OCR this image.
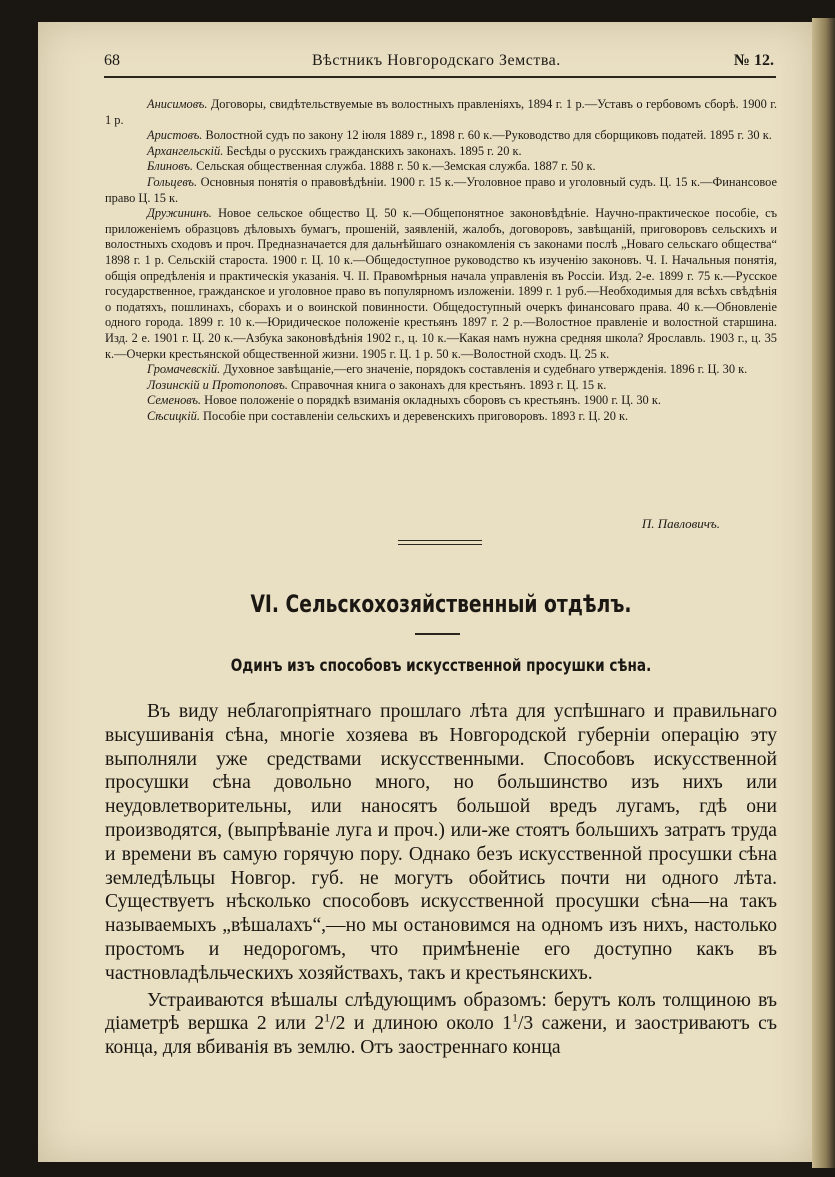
68	Вѣстникъ Новгородскаго Земства.	№ 12.

Анисимовъ. Договоры, свидѣтельствуемые въ волостныхъ правленіяхъ, 1894 г. 1 р.—Уставъ о гербовомъ сборѣ. 1900 г. 1 р.

Аристовъ. Волостной судъ по закону 12 іюля 1889 г., 1898 г. 60 к.—Руководство для сборщиковъ податей. 1895 г. 30 к.

Архангельскій. Бесѣды о русскихъ гражданскихъ законахъ. 1895 г. 20 к.

Блиновъ. Сельская общественная служба. 1888 г. 50 к.—Земская служба. 1887 г. 50 к.

Гольцевъ. Основныя понятія о правовѣдѣніи. 1900 г. 15 к.—Уголовное право и уголовный судъ. Ц. 15 к.—Финансовое право Ц. 15 к.

Дружининъ. Новое сельское общество Ц. 50 к.—Общепонятное законовѣдѣніе. Научно-практическое пособіе, съ приложеніемъ образцовъ дѣловыхъ бумагъ, прошеній, заявленій, жалобъ, договоровъ, завѣщаній, приговоровъ сельскихъ и волостныхъ сходовъ и проч. Предназначается для дальнѣйшаго ознакомленія съ законами послѣ „Новаго сельскаго общества“ 1898 г. 1 р. Сельскій староста. 1900 г. Ц. 10 к.—Общедоступное руководство къ изученію законовъ. Ч. I. Начальныя понятія, общія опредѣленія и практическія указанія. Ч. II. Правомѣрныя начала управленія въ Россіи. Изд. 2-е. 1899 г. 75 к.—Русское государственное, гражданское и уголовное право въ популярномъ изложеніи. 1899 г. 1 руб.—Необходимыя для всѣхъ свѣдѣнія о податяхъ, пошлинахъ, сборахъ и о воинской повинности. Общедоступный очеркъ финансоваго права. 40 к.—Обновленіе одного города. 1899 г. 10 к.—Юридическое положеніе крестьянъ 1897 г. 2 р.—Волостное правленіе и волостной старшина. Изд. 2 е. 1901 г. Ц. 20 к.—Азбука законовѣдѣнія 1902 г., ц. 10 к.—Какая намъ нужна средняя школа? Ярославль. 1903 г., ц. 35 к.—Очерки крестьянской общественной жизни. 1905 г. Ц. 1 р. 50 к.—Волостной сходъ. Ц. 25 к.

Громачевскій. Духовное завѣщаніе,—его значеніе, порядокъ составленія и судебнаго утвержденія. 1896 г. Ц. 30 к.

Лозинскій и Протопоповъ. Справочная книга о законахъ для крестьянъ. 1893 г. Ц. 15 к.

Семеновъ. Новое положеніе о порядкѣ взиманія окладныхъ сборовъ съ крестьянъ. 1900 г. Ц. 30 к.

Сѣсицкій. Пособіе при составленіи сельскихъ и деревенскихъ приговоровъ. 1893 г. Ц. 20 к.

П. Павловичъ.
VI. Сельскохозяйственный отдѣлъ.
Одинъ изъ способовъ искусственной просушки сѣна.

Въ виду неблагопріятнаго прошлаго лѣта для успѣшнаго и правильнаго высушиванія сѣна, многіе хозяева въ Новгородской губерніи операцію эту выполняли уже средствами искусственными. Способовъ искусственной просушки сѣна довольно много, но большинство изъ нихъ или неудовлетворительны, или наносятъ большой вредъ лугамъ, гдѣ они производятся, (выпрѣваніе луга и проч.) или-же стоятъ большихъ затратъ труда и времени въ самую горячую пору. Однако безъ искусственной просушки сѣна земледѣльцы Новгор. губ. не могутъ обойтись почти ни одного лѣта. Существуетъ нѣсколько способовъ искусственной просушки сѣна—на такъ называемыхъ „вѣшалахъ“,—но мы остановимся на одномъ изъ нихъ, настолько простомъ и недорогомъ, что примѣненіе его доступно какъ въ частновладѣльческихъ хозяйствахъ, такъ и крестьянскихъ.

Устраиваются вѣшалы слѣдующимъ образомъ: берутъ колъ толщиною въ діаметрѣ вершка 2 или $2^1/2$ и длиною около $1^1/3$ сажени, и заостриваютъ съ конца, для вбиванія въ землю. Отъ заостреннаго конца
